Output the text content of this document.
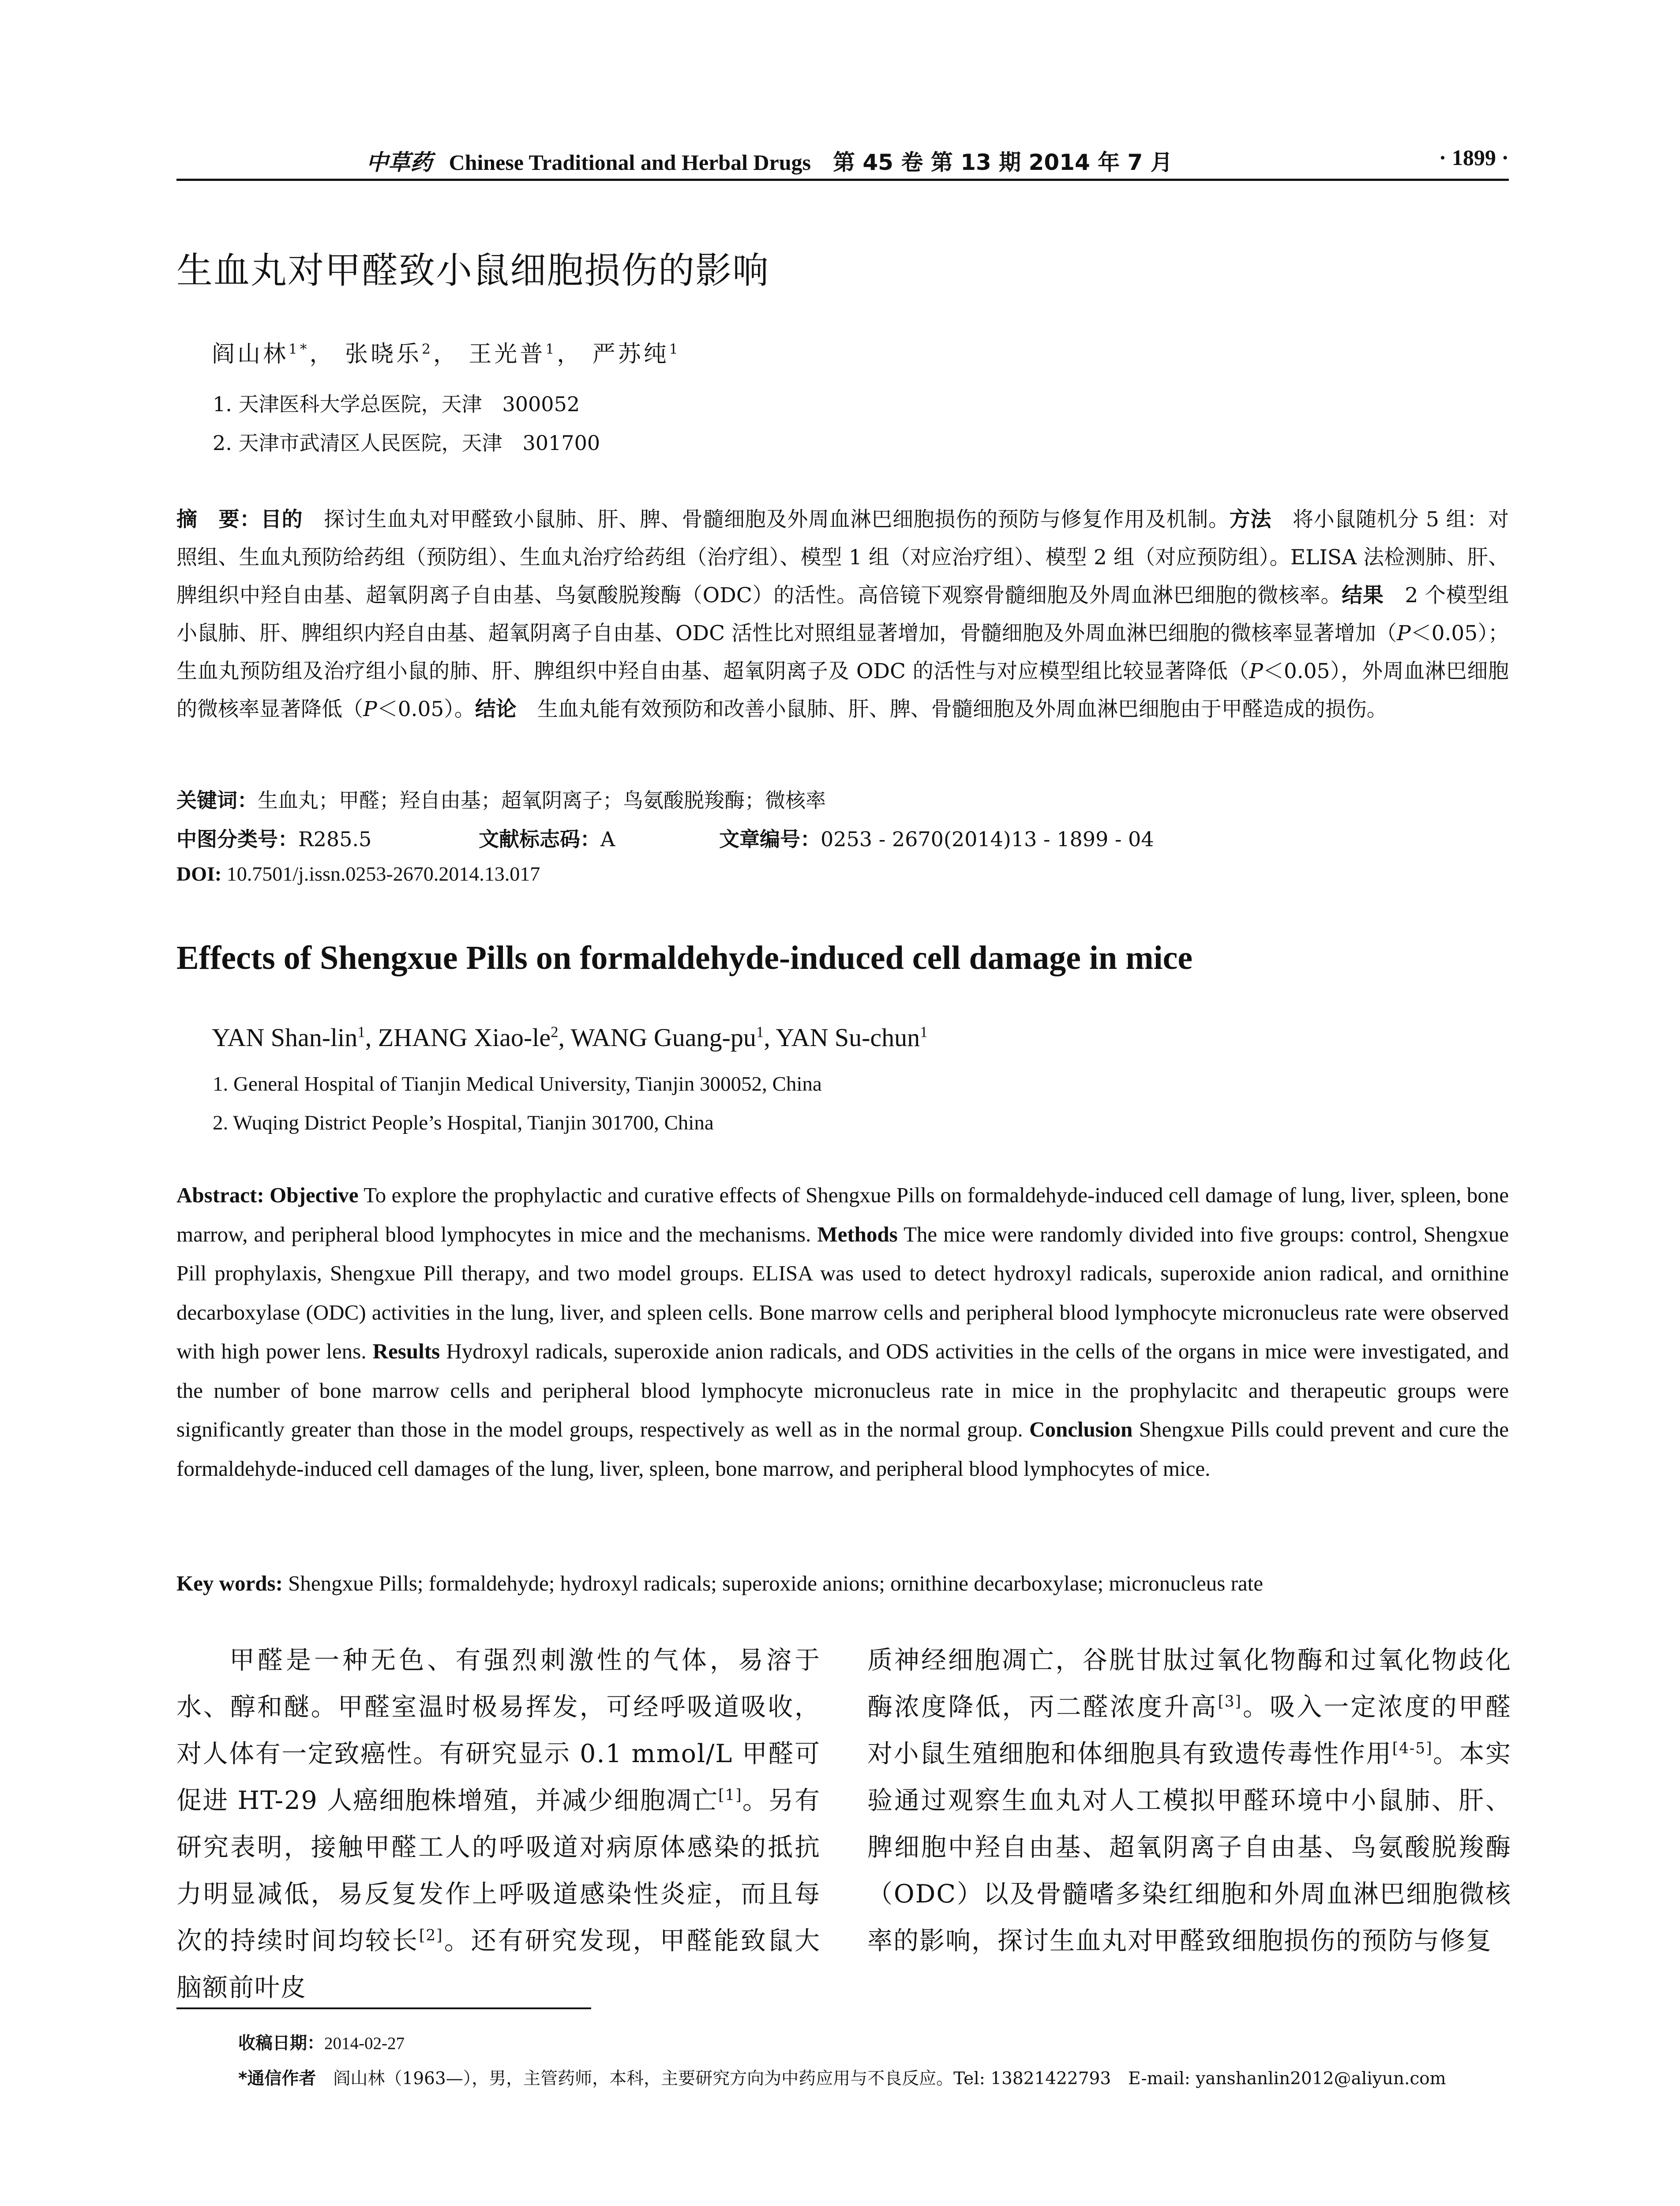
中草药 Chinese Traditional and Herbal Drugs 第 45 卷 第 13 期 2014 年 7 月	· 1899 ·
生血丸对甲醛致小鼠细胞损伤的影响
阎山林$^{1*}$， 张晓乐$^2$， 王光普$^1$， 严苏纯$^1$
1. 天津医科大学总医院，天津　300052
2. 天津市武清区人民医院，天津　301700
摘　要：目的　探讨生血丸对甲醛致小鼠肺、肝、脾、骨髓细胞及外周血淋巴细胞损伤的预防与修复作用及机制。方法　将小鼠随机分 5 组：对照组、生血丸预防给药组（预防组）、生血丸治疗给药组（治疗组）、模型 1 组（对应治疗组）、模型 2 组（对应预防组）。ELISA 法检测肺、肝、脾组织中羟自由基、超氧阴离子自由基、鸟氨酸脱羧酶（ODC）的活性。高倍镜下观察骨髓细胞及外周血淋巴细胞的微核率。结果　2 个模型组小鼠肺、肝、脾组织内羟自由基、超氧阴离子自由基、ODC 活性比对照组显著增加，骨髓细胞及外周血淋巴细胞的微核率显著增加（P＜0.05）；生血丸预防组及治疗组小鼠的肺、肝、脾组织中羟自由基、超氧阴离子及 ODC 的活性与对应模型组比较显著降低（P＜0.05），外周血淋巴细胞的微核率显著降低（P＜0.05）。结论　生血丸能有效预防和改善小鼠肺、肝、脾、骨髓细胞及外周血淋巴细胞由于甲醛造成的损伤。
关键词：生血丸；甲醛；羟自由基；超氧阴离子；鸟氨酸脱羧酶；微核率
中图分类号：R285.5	文献标志码：A	文章编号：0253 - 2670(2014)13 - 1899 - 04
DOI: 10.7501/j.issn.0253-2670.2014.13.017
Effects of Shengxue Pills on formaldehyde-induced cell damage in mice
YAN Shan-lin$^1$, ZHANG Xiao-$le^2$, WANG Guang-$pu^1$, YAN Su-chun$^1$
1. General Hospital of Tianjin Medical University, Tianjin 300052, China
2. Wuqing District People’s Hospital, Tianjin 301700, China
Abstract: Objective To explore the prophylactic and curative effects of Shengxue Pills on formaldehyde-induced cell damage of lung, liver, spleen, bone marrow, and peripheral blood lymphocytes in mice and the mechanisms. Methods The mice were randomly divided into five groups: control, Shengxue Pill prophylaxis, Shengxue Pill therapy, and two model groups. ELISA was used to detect hydroxyl radicals, superoxide anion radical, and ornithine decarboxylase (ODC) activities in the lung, liver, and spleen cells. Bone marrow cells and peripheral blood lymphocyte micronucleus rate were observed with high power lens. Results Hydroxyl radicals, superoxide anion radicals, and ODS activities in the cells of the organs in mice were investigated, and the number of bone marrow cells and peripheral blood lymphocyte micronucleus rate in mice in the prophylacitc and therapeutic groups were significantly greater than those in the model groups, respectively as well as in the normal group. Conclusion Shengxue Pills could prevent and cure the formaldehyde-induced cell damages of the lung, liver, spleen, bone marrow, and peripheral blood lymphocytes of mice.
Key words: Shengxue Pills; formaldehyde; hydroxyl radicals; superoxide anions; ornithine decarboxylase; micronucleus rate
甲醛是一种无色、有强烈刺激性的气体，易溶于水、醇和醚。甲醛室温时极易挥发，可经呼吸道吸收，对人体有一定致癌性。有研究显示 0.1 mmol/L 甲醛可促进 HT-29 人癌细胞株增殖，并减少细胞凋亡[1]。另有研究表明，接触甲醛工人的呼吸道对病原体感染的抵抗力明显减低，易反复发作上呼吸道感染性炎症，而且每次的持续时间均较长[2]。还有研究发现，甲醛能致鼠大脑额前叶皮
质神经细胞凋亡，谷胱甘肽过氧化物酶和过氧化物歧化酶浓度降低，丙二醛浓度升高[3]。吸入一定浓度的甲醛对小鼠生殖细胞和体细胞具有致遗传毒性作用[4-5]。本实验通过观察生血丸对人工模拟甲醛环境中小鼠肺、肝、脾细胞中羟自由基、超氧阴离子自由基、鸟氨酸脱羧酶（ODC）以及骨髓嗜多染红细胞和外周血淋巴细胞微核率的影响，探讨生血丸对甲醛致细胞损伤的预防与修复
收稿日期：2014-02-27
*通信作者　阎山林（1963—），男，主管药师，本科，主要研究方向为中药应用与不良反应。Tel: 13821422793　E-mail: yanshanlin2012@aliyun.com
